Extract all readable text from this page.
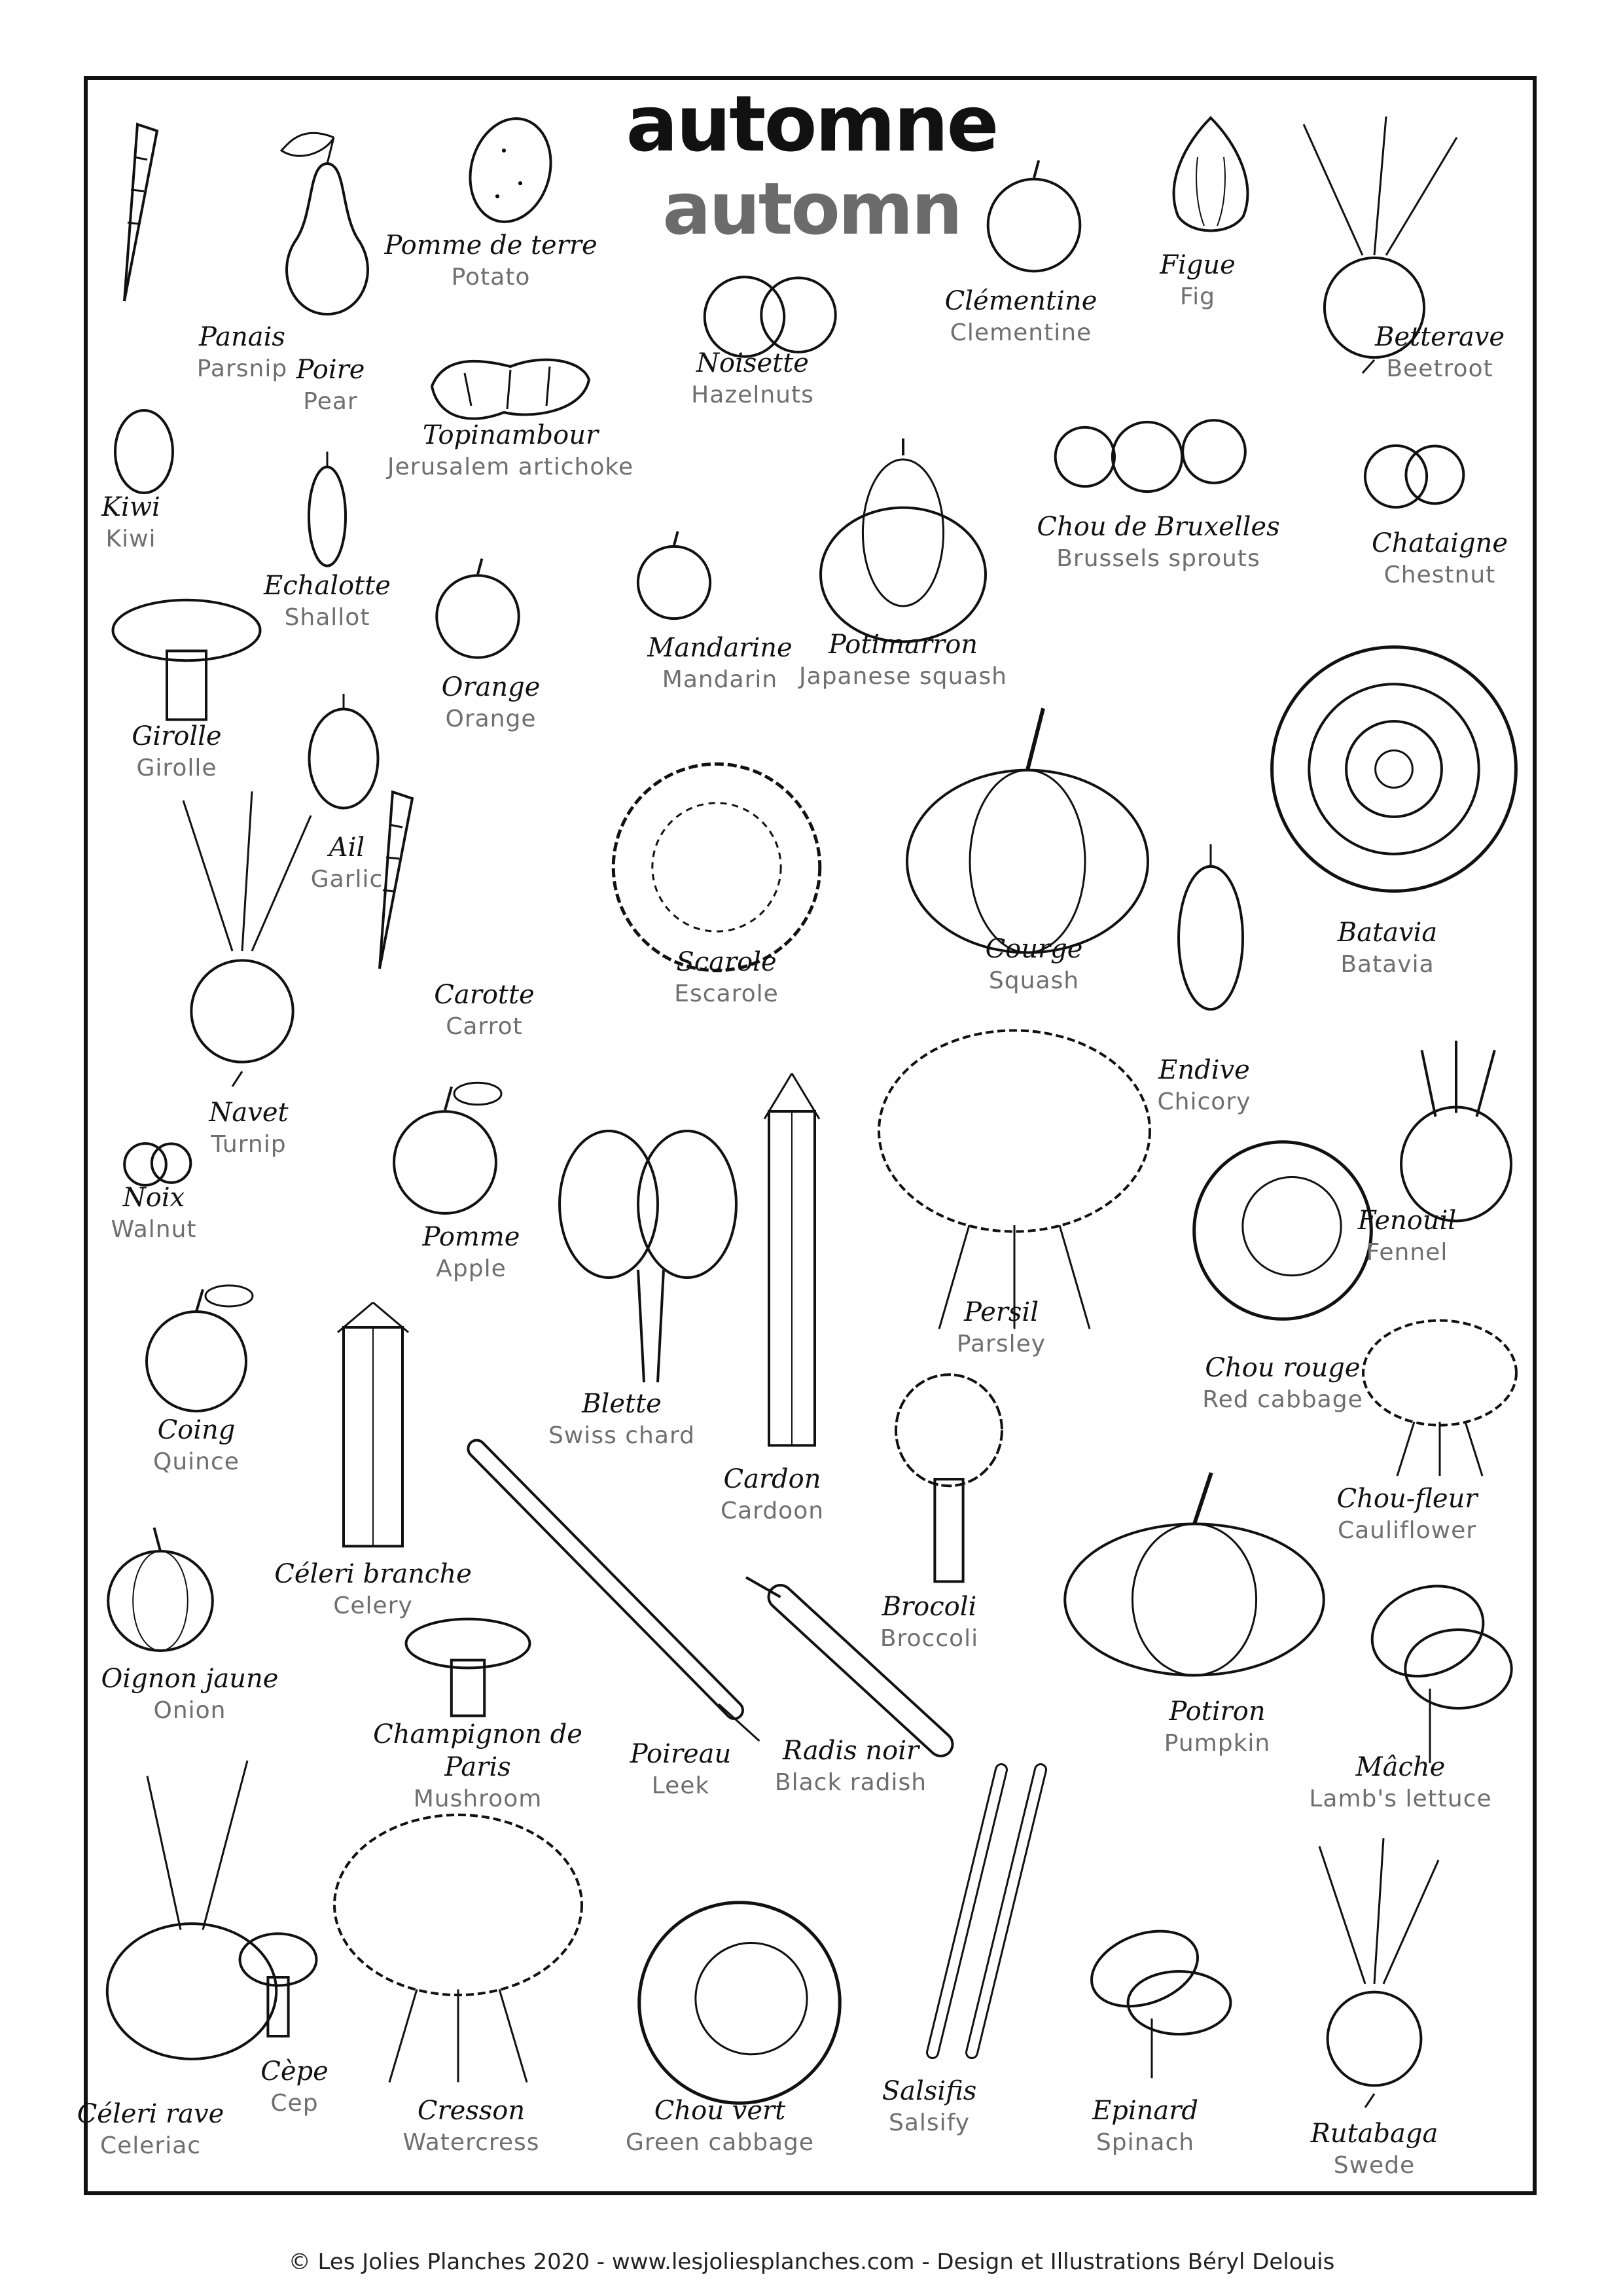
automne
automn
Panais
Parsnip Poire
Pear
Pomme de terre
Potato
Topinambour
Jerusalem artichoke
Noisette
Hazelnuts
Clémentine
Clementine
Figue
Fig
Betterave
Beetroot
Kiwi
Kiwi
Echalotte
Shallot
Orange
Orange
Mandarine
Mandarin
Potimarron
Japanese squash
Chou de Bruxelles
Brussels sprouts
Chataigne
Chestnut
Girolle
Girolle
Ail
Garlic
Carotte
Carrot
Scarole
Escarole
Courge
Squash
Batavia
Batavia
Endive
Chicory
Navet
Turnip
Noix
Walnut	Pomme
Apple
Blette
Swiss chard
Cardon
Cardoon
Persil
Parsley
Fenouil
Fennel
Chou rouge
Red cabbage
Coing
Quince
Céleri branche
Celery
Chou-fleur
Cauliflower
Brocoli
Broccoli
Oignon jaune
Onion
Champignon de Paris
Mushroom
Poireau
Leek
Radis noir
Black radish
Potiron
Pumpkin
Mâche
Lamb's lettuce
Céleri rave
Celeriac
Cèpe
Cep	Cresson
Watercress
Chou vert
Green cabbage
Salsifis
Salsify	Epinard
Spinach	Rutabaga
Swede
© Les Jolies Planches 2020 - www.lesjoliesplanches.com - Design et Illustrations Béryl Delouis
